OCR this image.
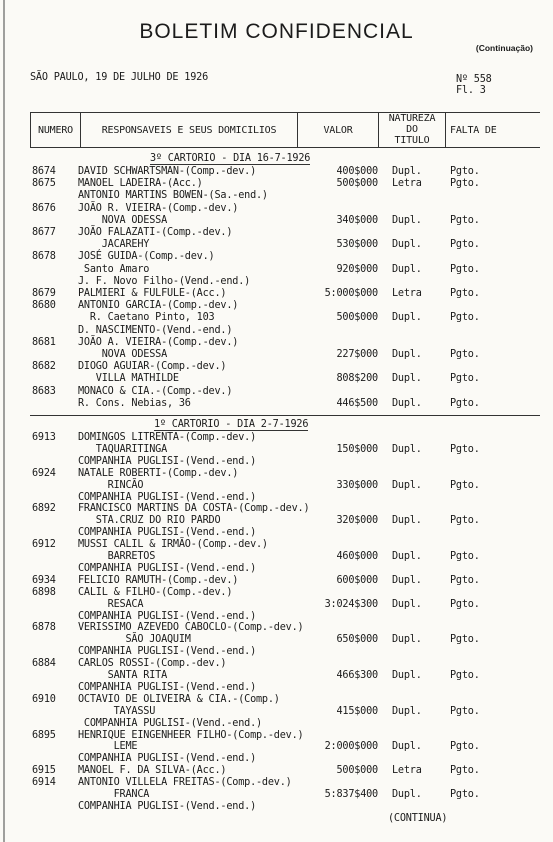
BOLETIM CONFIDENCIAL
(Continuação)
SÃO PAULO, 19 DE JULHO DE 1926	Nº 558
Fl. 3
NUMERO	RESPONSAVEIS E SEUS DOMICILIOS	VALOR
NATUREZA
DO
TITULO
FALTA DE
3º CARTORIO - DIA 16-7-1926
8674 DAVID SCHWARTSMAN-(Comp.-dev.)	400$000 Dupl.	Pgto.
8675 MANOEL LADEIRA-(Acc.)	500$000 Letra	Pgto.
ANTONIO MARTINS BOWEN-(Sa.-end.)
8676 JOÃO R. VIEIRA-(Comp.-dev.)
NOVA ODESSA	340$000 Dupl.	Pgto.
8677 JOÃO FALAZATI-(Comp.-dev.)
JACAREHY	530$000 Dupl.	Pgto.
8678 JOSÉ GUIDA-(Comp.-dev.)
Santo Amaro	920$000 Dupl.	Pgto.
J. F. Novo Filho-(Vend.-end.)
8679 PALMIERI & FULFULE-(Acc.)	5:000$000 Letra	Pgto.
8680 ANTONIO GARCIA-(Comp.-dev.)
R. Caetano Pinto, 103	500$000 Dupl.	Pgto.
D. NASCIMENTO-(Vend.-end.)
8681 JOÃO A. VIEIRA-(Comp.-dev.)
NOVA ODESSA	227$000 Dupl.	Pgto.
8682 DIOGO AGUIAR-(Comp.-dev.)
VILLA MATHILDE	808$200 Dupl.	Pgto.
8683 MONACO & CIA.-(Comp.-dev.)
R. Cons. Nebias, 36	446$500 Dupl.	Pgto.
1º CARTORIO - DIA 2-7-1926
6913 DOMINGOS LITRENTA-(Comp.-dev.)
TAQUARITINGA	150$000 Dupl.	Pgto.
COMPANHIA PUGLISI-(Vend.-end.)
6924 NATALE ROBERTI-(Comp.-dev.)
RINCÃO	330$000 Dupl.	Pgto.
COMPANHIA PUGLISI-(Vend.-end.)
6892 FRANCISCO MARTINS DA COSTA-(Comp.-dev.)
STA.CRUZ DO RIO PARDO	320$000 Dupl.	Pgto.
COMPANHIA PUGLISI-(Vend.-end.)
6912 MUSSI CALIL & IRMÃO-(Comp.-dev.)
BARRETOS	460$000 Dupl.	Pgto.
COMPANHIA PUGLISI-(Vend.-end.)
6934 FELICIO RAMUTH-(Comp.-dev.)	600$000 Dupl.	Pgto.
6898 CALIL & FILHO-(Comp.-dev.)
RESACA	3:024$300 Dupl.	Pgto.
COMPANHIA PUGLISI-(Vend.-end.)
6878 VERISSIMO AZEVEDO CABOCLO-(Comp.-dev.)
SÃO JOAQUIM	650$000 Dupl.	Pgto.
COMPANHIA PUGLISI-(Vend.-end.)
6884 CARLOS ROSSI-(Comp.-dev.)
SANTA RITA	466$300 Dupl.	Pgto.
COMPANHIA PUGLISI-(Vend.-end.)
6910 OCTAVIO DE OLIVEIRA & CIA.-(Comp.)
TAYASSU	415$000 Dupl.	Pgto.
COMPANHIA PUGLISI-(Vend.-end.)
6895 HENRIQUE EINGENHEER FILHO-(Comp.-dev.)
LEME	2:000$000 Dupl.	Pgto.
COMPANHIA PUGLISI-(Vend.-end.)
6915 MANOEL F. DA SILVA-(Acc.)	500$000 Letra	Pgto.
6914 ANTONIO VILLELA FREITAS-(Comp.-dev.)
FRANCA	5:837$400 Dupl.	Pgto.
COMPANHIA PUGLISI-(Vend.-end.)
(CONTINUA)
